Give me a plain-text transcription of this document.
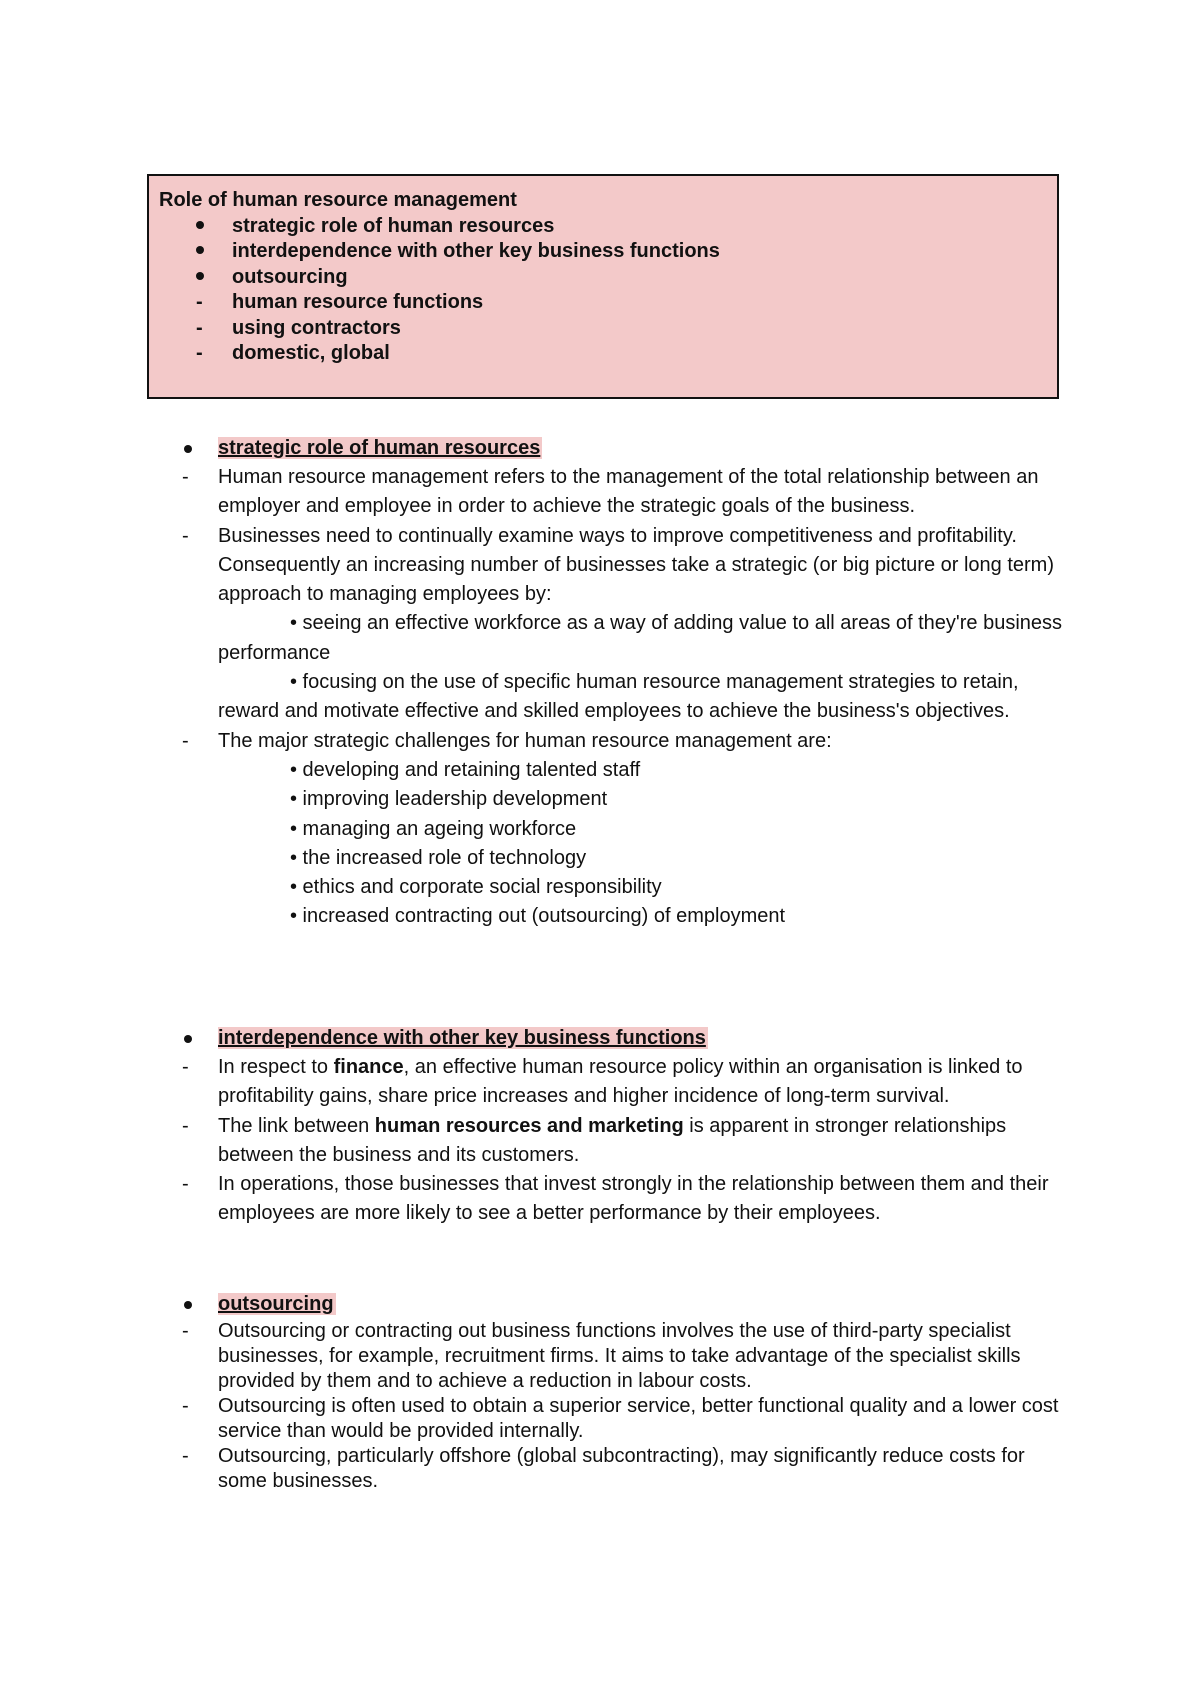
Role of human resource management

strategic role of human resources
interdependence with other key business functions
outsourcing
- human resource functions
- using contractors
- domestic, global
strategic role of human resources
- Human resource management refers to the management of the total relationship between an employer and employee in order to achieve the strategic goals of the business.
- Businesses need to continually examine ways to improve competitiveness and profitability. Consequently an increasing number of businesses take a strategic (or big picture or long term) approach to managing employees by:
• seeing an effective workforce as a way of adding value to all areas of they're business performance
• focusing on the use of specific human resource management strategies to retain, reward and motivate effective and skilled employees to achieve the business's objectives.
- The major strategic challenges for human resource management are:
• developing and retaining talented staff
• improving leadership development
• managing an ageing workforce
• the increased role of technology
• ethics and corporate social responsibility
• increased contracting out (outsourcing) of employment
interdependence with other key business functions
- In respect to finance, an effective human resource policy within an organisation is linked to profitability gains, share price increases and higher incidence of long-term survival.
- The link between human resources and marketing is apparent in stronger relationships between the business and its customers.
- In operations, those businesses that invest strongly in the relationship between them and their employees are more likely to see a better performance by their employees.
outsourcing
- Outsourcing or contracting out business functions involves the use of third-party specialist businesses, for example, recruitment firms. It aims to take advantage of the specialist skills provided by them and to achieve a reduction in labour costs.
- Outsourcing is often used to obtain a superior service, better functional quality and a lower cost service than would be provided internally.
- Outsourcing, particularly offshore (global subcontracting), may significantly reduce costs for some businesses.
